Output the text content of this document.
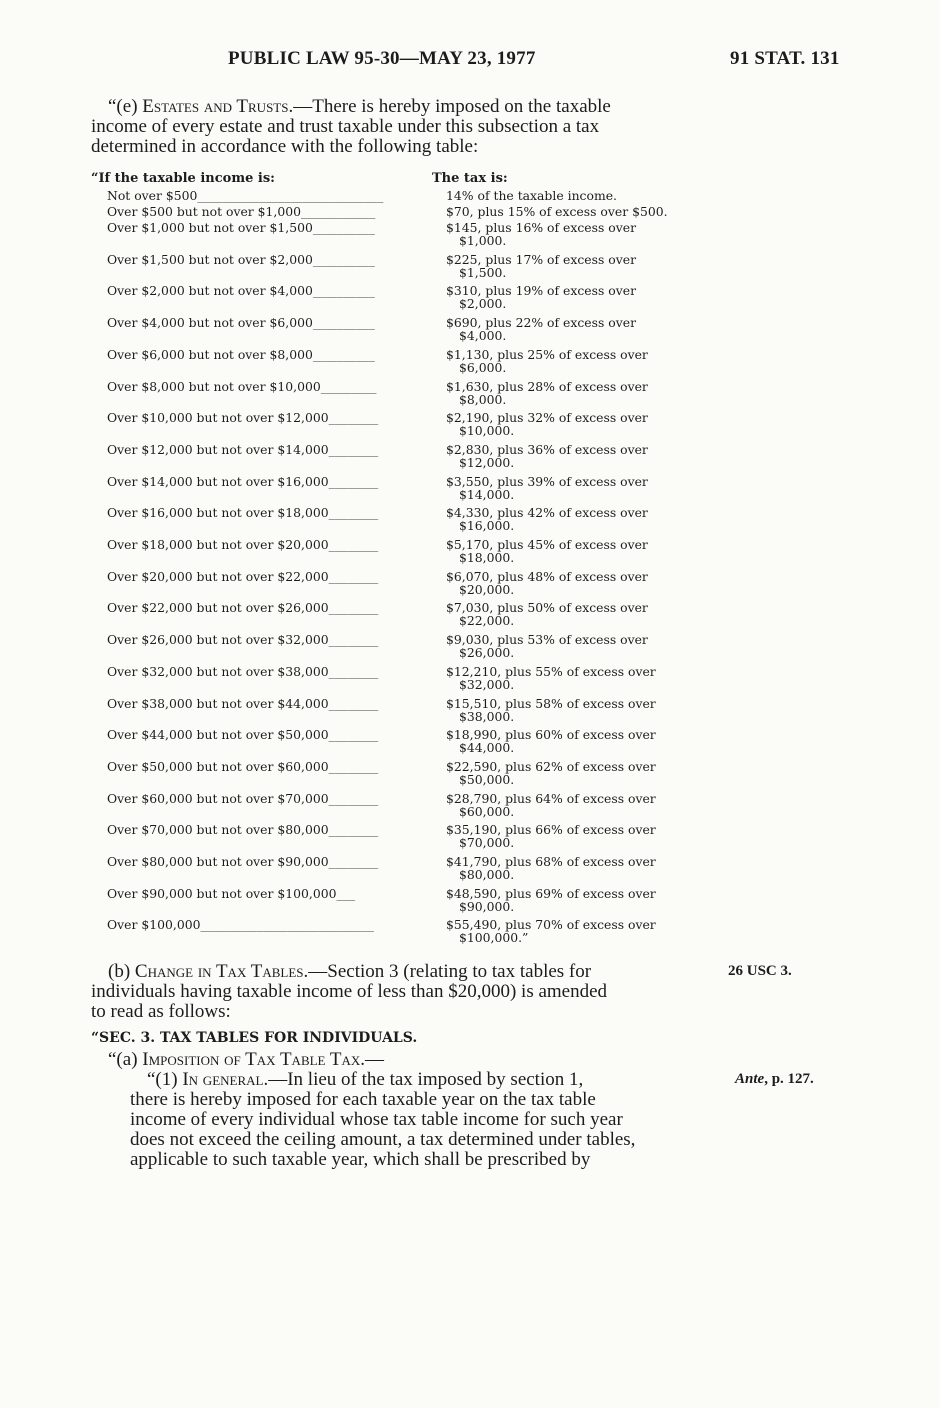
PUBLIC LAW 95-30—MAY 23, 1977	91 STAT. 131
“(e) Estates and Trusts.—There is hereby imposed on the taxable
income of every estate and trust taxable under this subsection a tax
determined in accordance with the following table:
“If the taxable income is:	The tax is:
Not over $500______________________________	14% of the taxable income.
Over $500 but not over $1,000____________	$70, plus 15% of excess over $500.
Over $1,000 but not over $1,500__________	$145, plus 16% of excess over
$1,000.
Over $1,500 but not over $2,000__________	$225, plus 17% of excess over
$1,500.
Over $2,000 but not over $4,000__________	$310, plus 19% of excess over
$2,000.
Over $4,000 but not over $6,000__________	$690, plus 22% of excess over
$4,000.
Over $6,000 but not over $8,000__________	$1,130, plus 25% of excess over
$6,000.
Over $8,000 but not over $10,000_________	$1,630, plus 28% of excess over
$8,000.
Over $10,000 but not over $12,000________	$2,190, plus 32% of excess over
$10,000.
Over $12,000 but not over $14,000________	$2,830, plus 36% of excess over
$12,000.
Over $14,000 but not over $16,000________	$3,550, plus 39% of excess over
$14,000.
Over $16,000 but not over $18,000________	$4,330, plus 42% of excess over
$16,000.
Over $18,000 but not over $20,000________	$5,170, plus 45% of excess over
$18,000.
Over $20,000 but not over $22,000________	$6,070, plus 48% of excess over
$20,000.
Over $22,000 but not over $26,000________	$7,030, plus 50% of excess over
$22,000.
Over $26,000 but not over $32,000________	$9,030, plus 53% of excess over
$26,000.
Over $32,000 but not over $38,000________	$12,210, plus 55% of excess over
$32,000.
Over $38,000 but not over $44,000________	$15,510, plus 58% of excess over
$38,000.
Over $44,000 but not over $50,000________	$18,990, plus 60% of excess over
$44,000.
Over $50,000 but not over $60,000________	$22,590, plus 62% of excess over
$50,000.
Over $60,000 but not over $70,000________	$28,790, plus 64% of excess over
$60,000.
Over $70,000 but not over $80,000________	$35,190, plus 66% of excess over
$70,000.
Over $80,000 but not over $90,000________	$41,790, plus 68% of excess over
$80,000.
Over $90,000 but not over $100,000___	$48,590, plus 69% of excess over
$90,000.
Over $100,000____________________________	$55,490, plus 70% of excess over
$100,000.”
(b) Change in Tax Tables.—Section 3 (relating to tax tables for
individuals having taxable income of less than $20,000) is amended
to read as follows:
26 USC 3.
“SEC. 3. TAX TABLES FOR INDIVIDUALS.
“(a) Imposition of Tax Table Tax.—
“(1) In general.—In lieu of the tax imposed by section 1,
there is hereby imposed for each taxable year on the tax table
income of every individual whose tax table income for such year
does not exceed the ceiling amount, a tax determined under tables,
applicable to such taxable year, which shall be prescribed by
Ante, p. 127.
